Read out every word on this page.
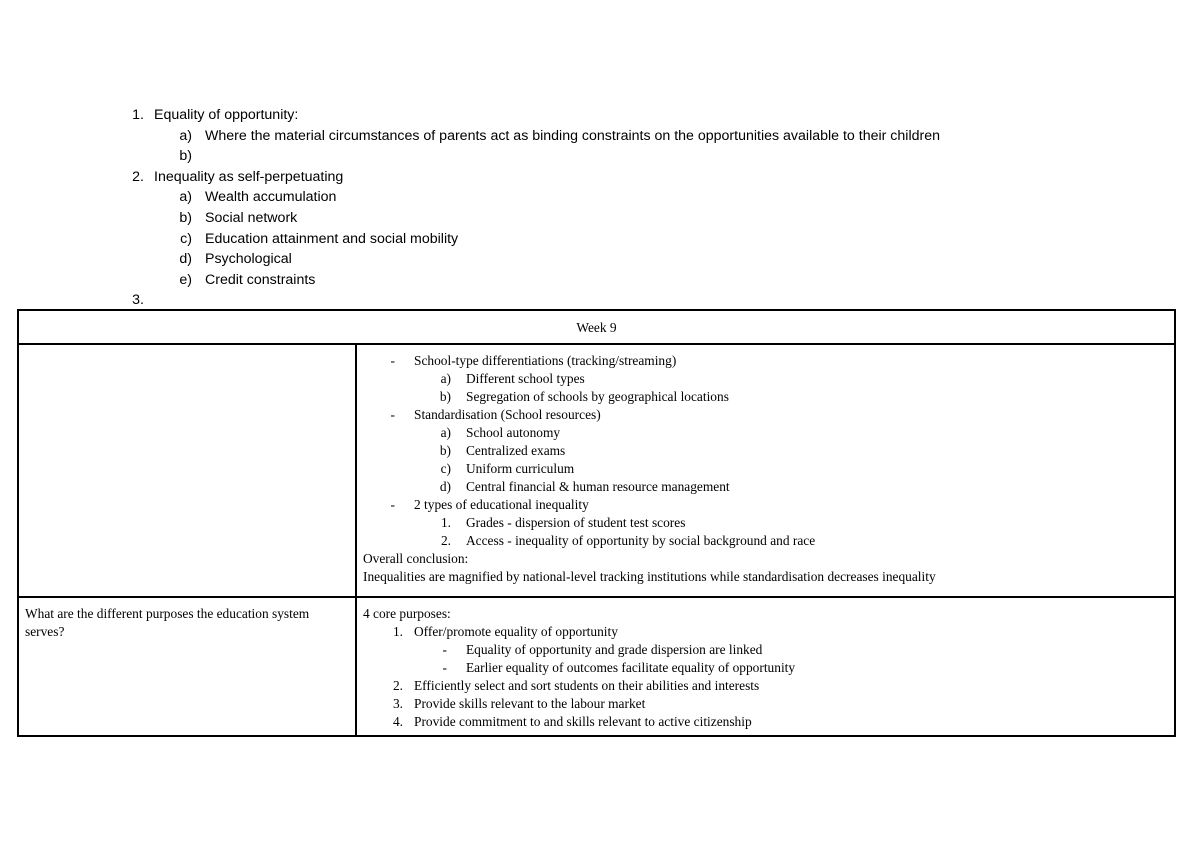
1. Equality of opportunity:
a) Where the material circumstances of parents act as binding constraints on the opportunities available to their children
b)
2. Inequality as self-perpetuating
a) Wealth accumulation
b) Social network
c) Education attainment and social mobility
d) Psychological
e) Credit constraints
3.
Week 9
- School-type differentiations (tracking/streaming)
a) Different school types
b) Segregation of schools by geographical locations
- Standardisation (School resources)
a) School autonomy
b) Centralized exams
c) Uniform curriculum
d) Central financial & human resource management
- 2 types of educational inequality
1. Grades - dispersion of student test scores
2. Access - inequality of opportunity by social background and race
Overall conclusion:
Inequalities are magnified by national-level tracking institutions while standardisation decreases inequality
What are the different purposes the education system serves?
4 core purposes:
1. Offer/promote equality of opportunity
- Equality of opportunity and grade dispersion are linked
- Earlier equality of outcomes facilitate equality of opportunity
2. Efficiently select and sort students on their abilities and interests
3. Provide skills relevant to the labour market
4. Provide commitment to and skills relevant to active citizenship
